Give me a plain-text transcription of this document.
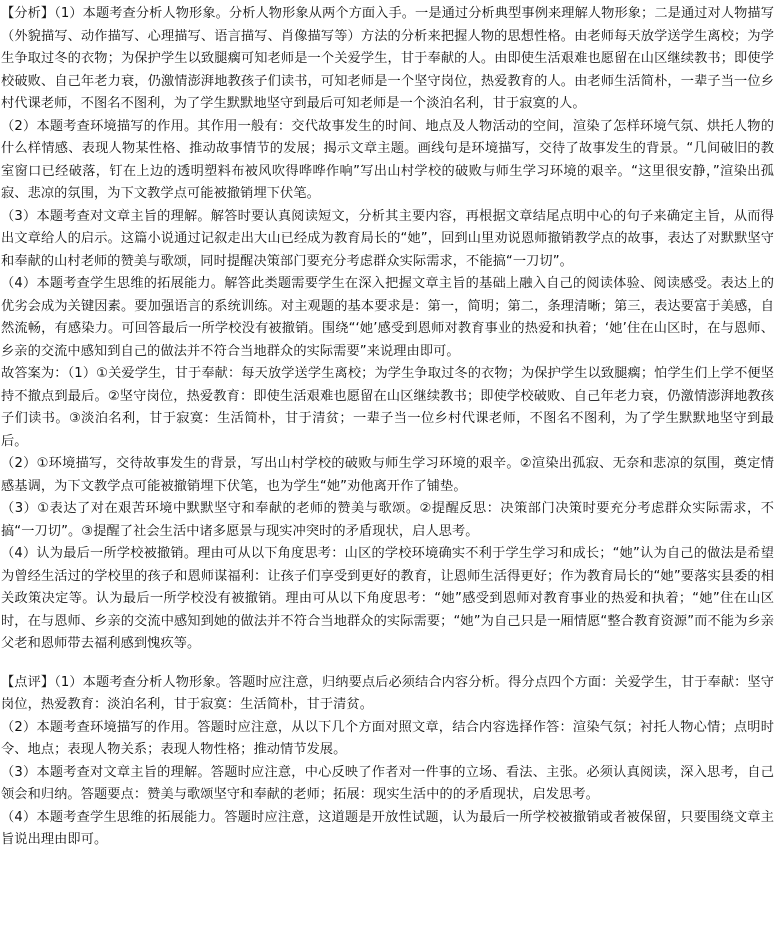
【分析】（1）本题考查分析人物形象。分析人物形象从两个方面入手。一是通过分析典型事例来理解人物形象；二是通过对人物描写（外貌描写、动作描写、心理描写、语言描写、肖像描写等）方法的分析来把握人物的思想性格。由老师每天放学送学生离校；为学生争取过冬的衣物；为保护学生以致腿瘸可知老师是一个关爱学生，甘于奉献的人。由即使生活艰难也愿留在山区继续教书；即使学校破败、自己年老力衰，仍激情澎湃地教孩子们读书，可知老师是一个坚守岗位，热爱教育的人。由老师生活简朴，一辈子当一位乡村代课老师，不图名不图利，为了学生默默地坚守到最后可知老师是一个淡泊名利，甘于寂寞的人。

（2）本题考查环境描写的作用。其作用一般有：交代故事发生的时间、地点及人物活动的空间，渲染了怎样环境气氛、烘托人物的什么样情感、表现人物某性格、推动故事情节的发展；揭示文章主题。画线句是环境描写，交待了故事发生的背景。“几间破旧的教室窗口已经破落，钉在上边的透明塑料布被风吹得哗哗作响”写出山村学校的破败与师生学习环境的艰辛。“这里很安静，”渲染出孤寂、悲凉的氛围，为下文教学点可能被撤销埋下伏笔。

（3）本题考查对文章主旨的理解。解答时要认真阅读短文，分析其主要内容，再根据文章结尾点明中心的句子来确定主旨，从而得出文章给人的启示。这篇小说通过记叙走出大山已经成为教育局长的“她”，回到山里劝说恩师撤销教学点的故事，表达了对默默坚守和奉献的山村老师的赞美与歌颂，同时提醒决策部门要充分考虑群众实际需求，不能搞“一刀切”。

（4）本题考查学生思维的拓展能力。解答此类题需要学生在深入把握文章主旨的基础上融入自己的阅读体验、阅读感受。表达上的优劣会成为关键因素。要加强语言的系统训练。对主观题的基本要求是：第一，简明；第二，条理清晰；第三，表达要富于美感，自然流畅，有感染力。可回答最后一所学校没有被撤销。围绕“‘她’感受到恩师对教育事业的热爱和执着；‘她’住在山区时，在与恩师、乡亲的交流中感知到自己的做法并不符合当地群众的实际需要”来说理由即可。

故答案为：（1）①关爱学生，甘于奉献：每天放学送学生离校；为学生争取过冬的衣物；为保护学生以致腿瘸；怕学生们上学不便坚持不撤点到最后。②坚守岗位，热爱教育：即使生活艰难也愿留在山区继续教书；即使学校破败、自己年老力衰，仍激情澎湃地教孩子们读书。③淡泊名利，甘于寂寞：生活简朴，甘于清贫；一辈子当一位乡村代课老师，不图名不图利，为了学生默默地坚守到最后。

（2）①环境描写，交待故事发生的背景，写出山村学校的破败与师生学习环境的艰辛。②渲染出孤寂、无奈和悲凉的氛围，奠定情感基调，为下文教学点可能被撤销埋下伏笔，也为学生“她”劝他离开作了铺垫。

（3）①表达了对在艰苦环境中默默坚守和奉献的老师的赞美与歌颂。②提醒反思：决策部门决策时要充分考虑群众实际需求，不搞“一刀切”。③提醒了社会生活中诸多愿景与现实冲突时的矛盾现状，启人思考。

（4）认为最后一所学校被撤销。理由可从以下角度思考：山区的学校环境确实不利于学生学习和成长；“她”认为自己的做法是希望为曾经生活过的学校里的孩子和恩师谋福利：让孩子们享受到更好的教育，让恩师生活得更好；作为教育局长的“她”要落实县委的相关政策决定等。认为最后一所学校没有被撤销。理由可从以下角度思考：“她”感受到恩师对教育事业的热爱和执着；“她”住在山区时，在与恩师、乡亲的交流中感知到她的做法并不符合当地群众的实际需要；“她”为自己只是一厢情愿“整合教育资源”而不能为乡亲父老和恩师带去福利感到愧疚等。

【点评】（1）本题考查分析人物形象。答题时应注意，归纳要点后必须结合内容分析。得分点四个方面：关爱学生，甘于奉献：坚守岗位，热爱教育：淡泊名利，甘于寂寞：生活简朴，甘于清贫。

（2）本题考查环境描写的作用。答题时应注意，从以下几个方面对照文章，结合内容选择作答：渲染气氛；衬托人物心情；点明时令、地点；表现人物关系；表现人物性格；推动情节发展。

（3）本题考查对文章主旨的理解。答题时应注意，中心反映了作者对一件事的立场、看法、主张。必须认真阅读，深入思考，自己领会和归纳。答题要点：赞美与歌颂坚守和奉献的老师；拓展：现实生活中的的矛盾现状，启发思考。

（4）本题考查学生思维的拓展能力。答题时应注意，这道题是开放性试题，认为最后一所学校被撤销或者被保留，只要围绕文章主旨说出理由即可。
